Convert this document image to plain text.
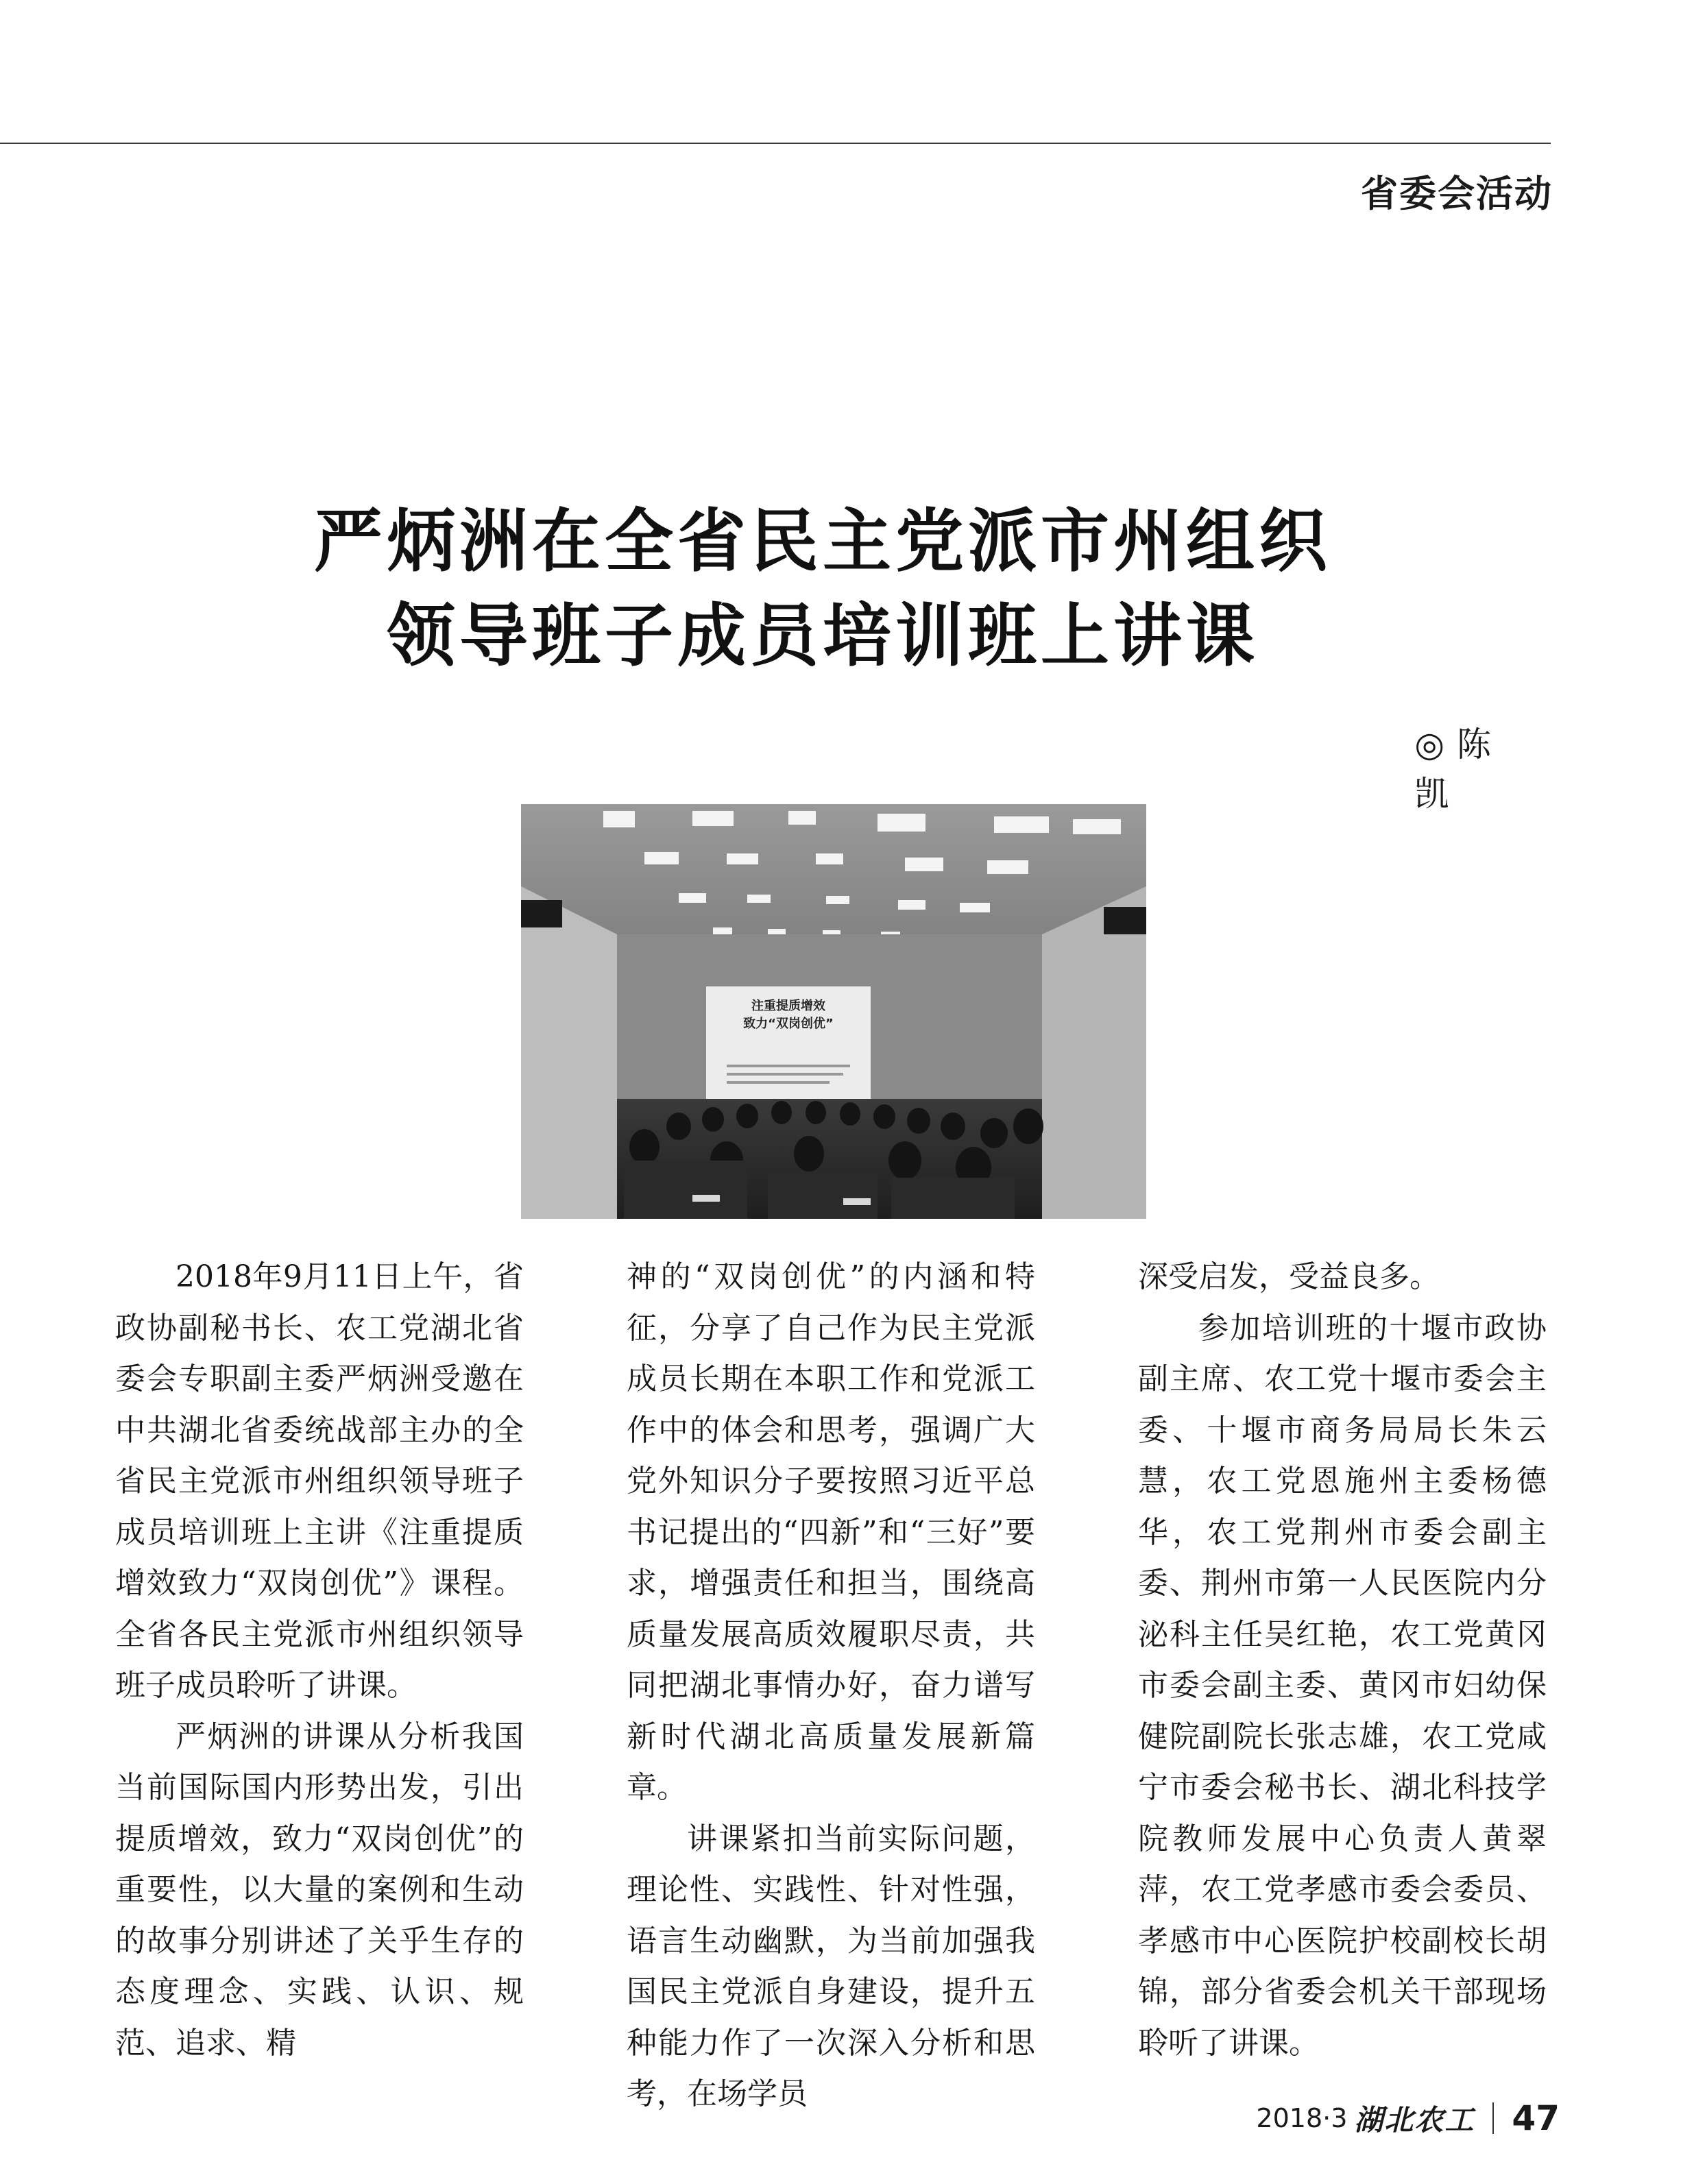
省委会活动
严炳洲在全省民主党派市州组织
领导班子成员培训班上讲课
◎ 陈凯
注重提质增效
致力“双岗创优”

2018年9月11日上午，省政协副秘书长、农工党湖北省委会专职副主委严炳洲受邀在中共湖北省委统战部主办的全省民主党派市州组织领导班子成员培训班上主讲《注重提质增效致力“双岗创优”》课程。全省各民主党派市州组织领导班子成员聆听了讲课。

严炳洲的讲课从分析我国当前国际国内形势出发，引出提质增效，致力“双岗创优”的重要性，以大量的案例和生动的故事分别讲述了关乎生存的态度理念、实践、认识、规范、追求、精

神的“双岗创优”的内涵和特征，分享了自己作为民主党派成员长期在本职工作和党派工作中的体会和思考，强调广大党外知识分子要按照习近平总书记提出的“四新”和“三好”要求，增强责任和担当，围绕高质量发展高质效履职尽责，共同把湖北事情办好，奋力谱写新时代湖北高质量发展新篇章。

讲课紧扣当前实际问题，理论性、实践性、针对性强，语言生动幽默，为当前加强我国民主党派自身建设，提升五种能力作了一次深入分析和思考，在场学员

深受启发，受益良多。

参加培训班的十堰市政协副主席、农工党十堰市委会主委、十堰市商务局局长朱云慧，农工党恩施州主委杨德华，农工党荆州市委会副主委、荆州市第一人民医院内分泌科主任吴红艳，农工党黄冈市委会副主委、黄冈市妇幼保健院副院长张志雄，农工党咸宁市委会秘书长、湖北科技学院教师发展中心负责人黄翠萍，农工党孝感市委会委员、孝感市中心医院护校副校长胡锦，部分省委会机关干部现场聆听了讲课。

2018·3 湖北农工 47
